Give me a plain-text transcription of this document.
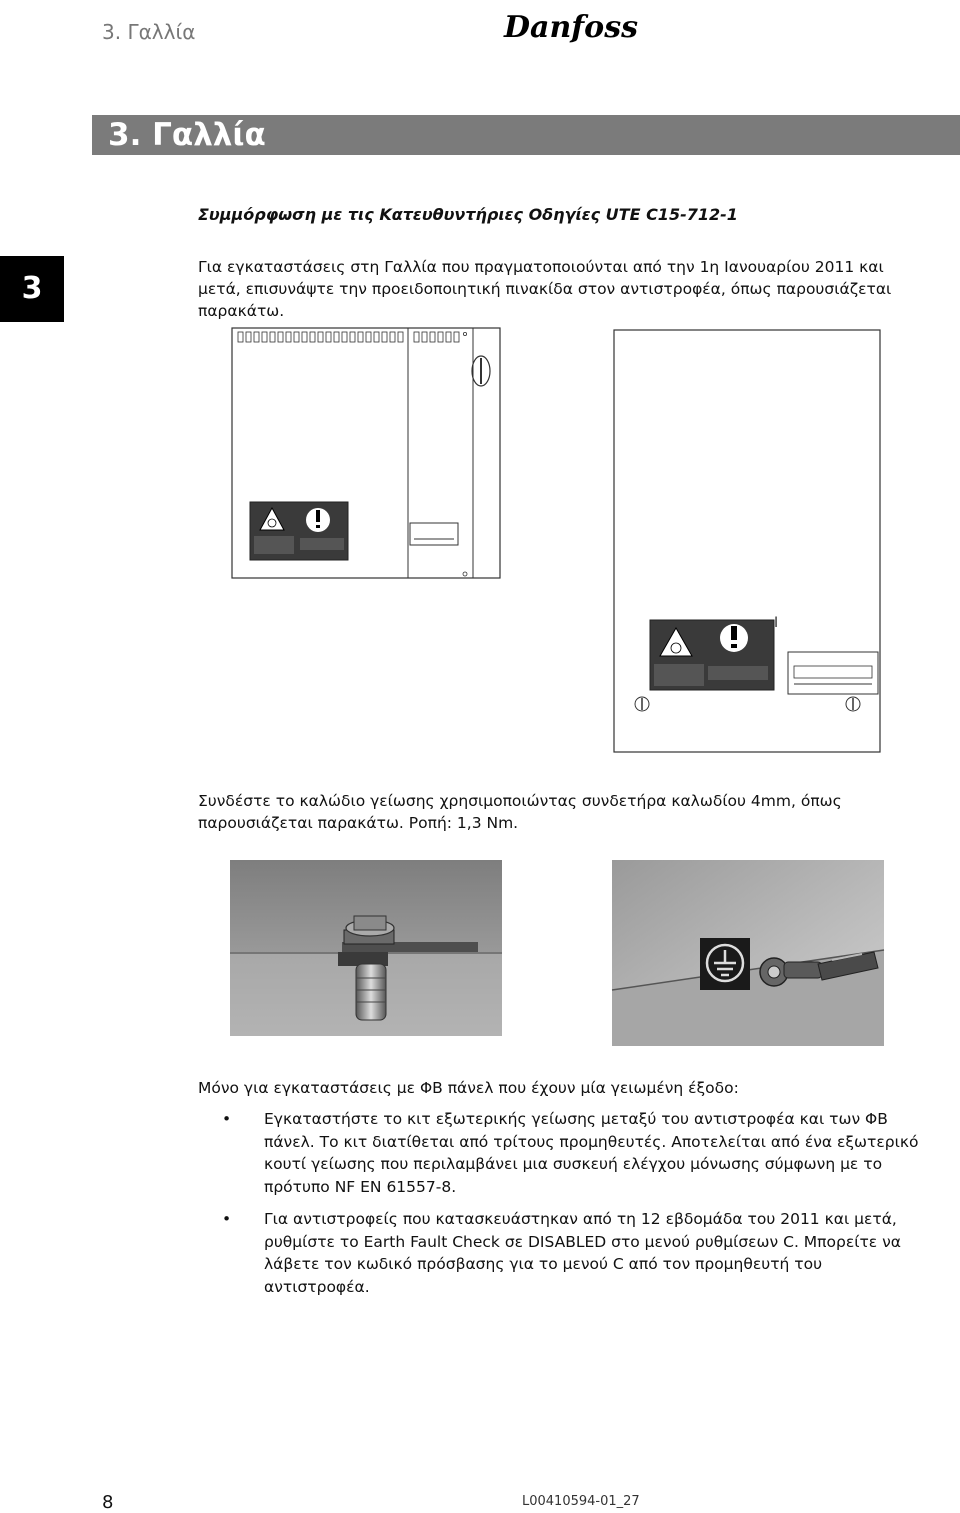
3. Γαλλία	Danfoss
3. Γαλλία
3
Συμμόρφωση με τις Κατευθυντήριες Οδηγίες UTE C15-712-1
Για εγκαταστάσεις στη Γαλλία που πραγματοποιούνται από την 1η Ιανουαρίου 2011 και μετά, επισυνάψτε την προειδοποιητική πινακίδα στον αντιστροφέα, όπως παρουσιάζεται παρακάτω.
I
Συνδέστε το καλώδιο γείωσης χρησιμοποιώντας συνδετήρα καλωδίου 4mm, όπως παρουσιάζεται παρακάτω. Ροπή: 1,3 Nm.
Μόνο για εγκαταστάσεις με ΦΒ πάνελ που έχουν μία γειωμένη έξοδο:
• Εγκαταστήστε το κιτ εξωτερικής γείωσης μεταξύ του αντιστροφέα και των ΦΒ πάνελ. Το κιτ διατίθεται από τρίτους προμηθευτές. Αποτελείται από ένα εξωτερικό κουτί γείωσης που περιλαμβάνει μια συσκευή ελέγχου μόνωσης σύμφωνη με το πρότυπο NF EN 61557-8.
• Για αντιστροφείς που κατασκευάστηκαν από τη 12 εβδομάδα του 2011 και μετά, ρυθμίστε το Earth Fault Check σε DISABLED στο μενού ρυθμίσεων C. Μπορείτε να λάβετε τον κωδικό πρόσβασης για το μενού C από τον προμηθευτή του αντιστροφέα.
8	L00410594-01_27
